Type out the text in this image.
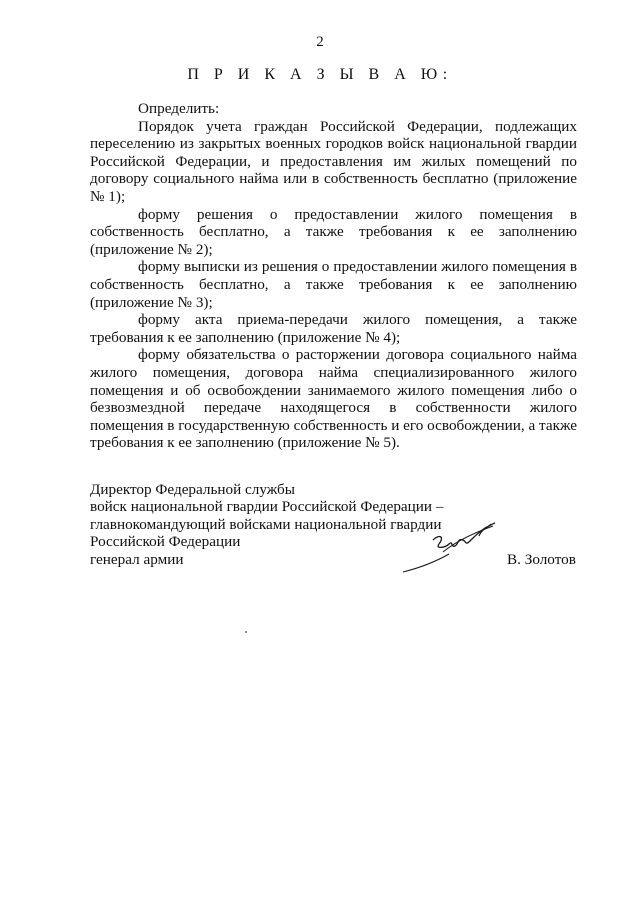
2
П Р И К А З Ы В А Ю:

Определить:

Порядок учета граждан Российской Федерации, подлежащих переселению из закрытых военных городков войск национальной гвардии Российской Федерации, и предоставления им жилых помещений по договору социального найма или в собственность бесплатно (приложение № 1);

форму решения о предоставлении жилого помещения в собственность бесплатно, а также требования к ее заполнению (приложение № 2);

форму выписки из решения о предоставлении жилого помещения в собственность бесплатно, а также требования к ее заполнению (приложение № 3);

форму акта приема-передачи жилого помещения, а также требования к ее заполнению (приложение № 4);

форму обязательства о расторжении договора социального найма жилого помещения, договора найма специализированного жилого помещения и об освобождении занимаемого жилого помещения либо о безвозмездной передаче находящегося в собственности жилого помещения в государственную собственность и его освобождении, а также требования к ее заполнению (приложение № 5).

Директор Федеральной службы
войск национальной гвардии Российской Федерации –
главнокомандующий войсками национальной гвардии
Российской Федерации
генерал армии	В. Золотов
